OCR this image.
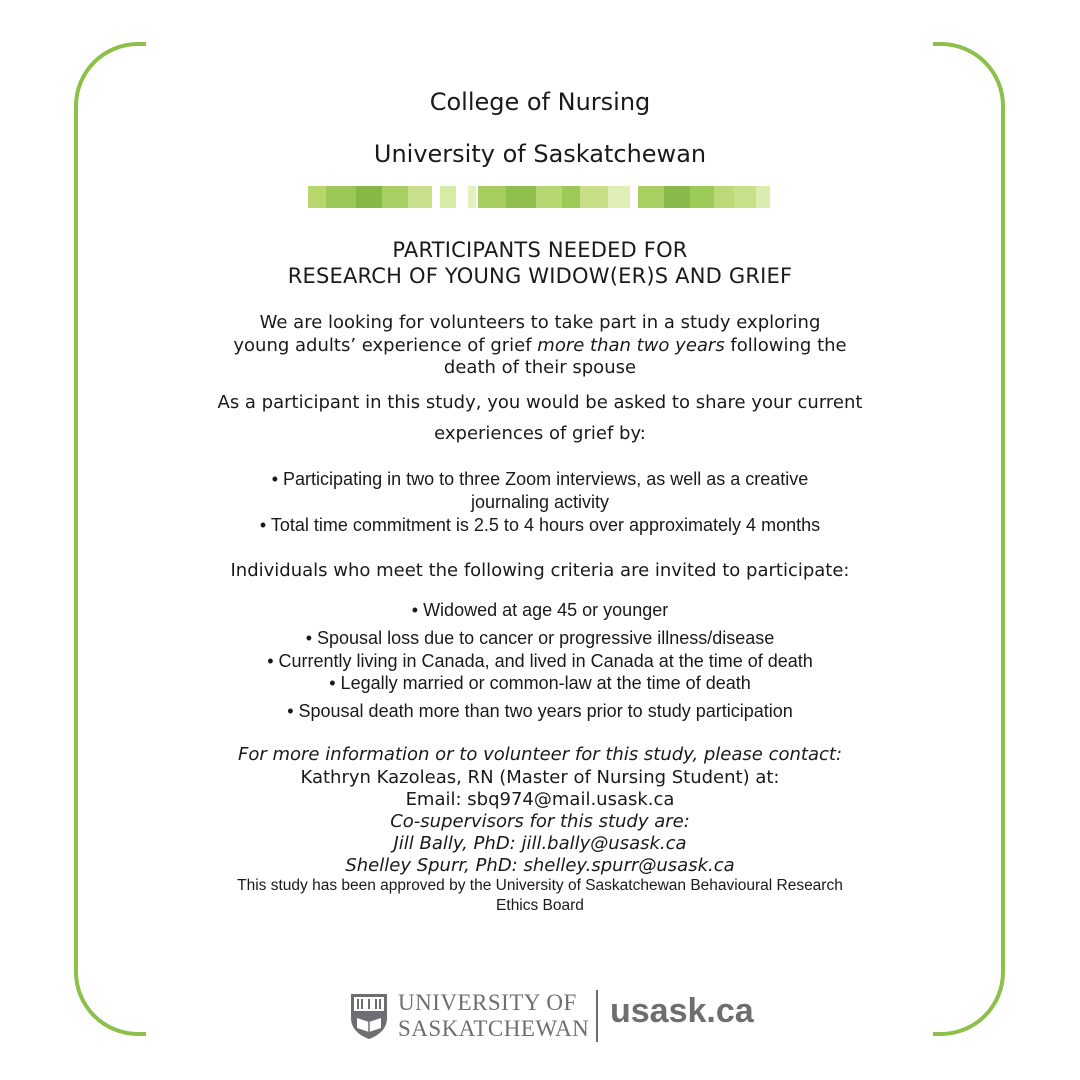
College of Nursing
University of Saskatchewan
PARTICIPANTS NEEDED FOR
RESEARCH OF YOUNG WIDOW(ER)S AND GRIEF
We are looking for volunteers to take part in a study exploring
young adults’ experience of grief more than two years following the
death of their spouse
As a participant in this study, you would be asked to share your current
experiences of grief by:
• Participating in two to three Zoom interviews, as well as a creative
journaling activity
• Total time commitment is 2.5 to 4 hours over approximately 4 months
Individuals who meet the following criteria are invited to participate:
• Widowed at age 45 or younger
• Spousal loss due to cancer or progressive illness/disease
• Currently living in Canada, and lived in Canada at the time of death
• Legally married or common-law at the time of death
• Spousal death more than two years prior to study participation
For more information or to volunteer for this study, please contact:
Kathryn Kazoleas, RN (Master of Nursing Student) at:
Email: sbq974@mail.usask.ca
Co-supervisors for this study are:
Jill Bally, PhD: jill.bally@usask.ca
Shelley Spurr, PhD: shelley.spurr@usask.ca
This study has been approved by the University of Saskatchewan Behavioural Research
Ethics Board
UNIVERSITY OF
SASKATCHEWAN usask.ca
